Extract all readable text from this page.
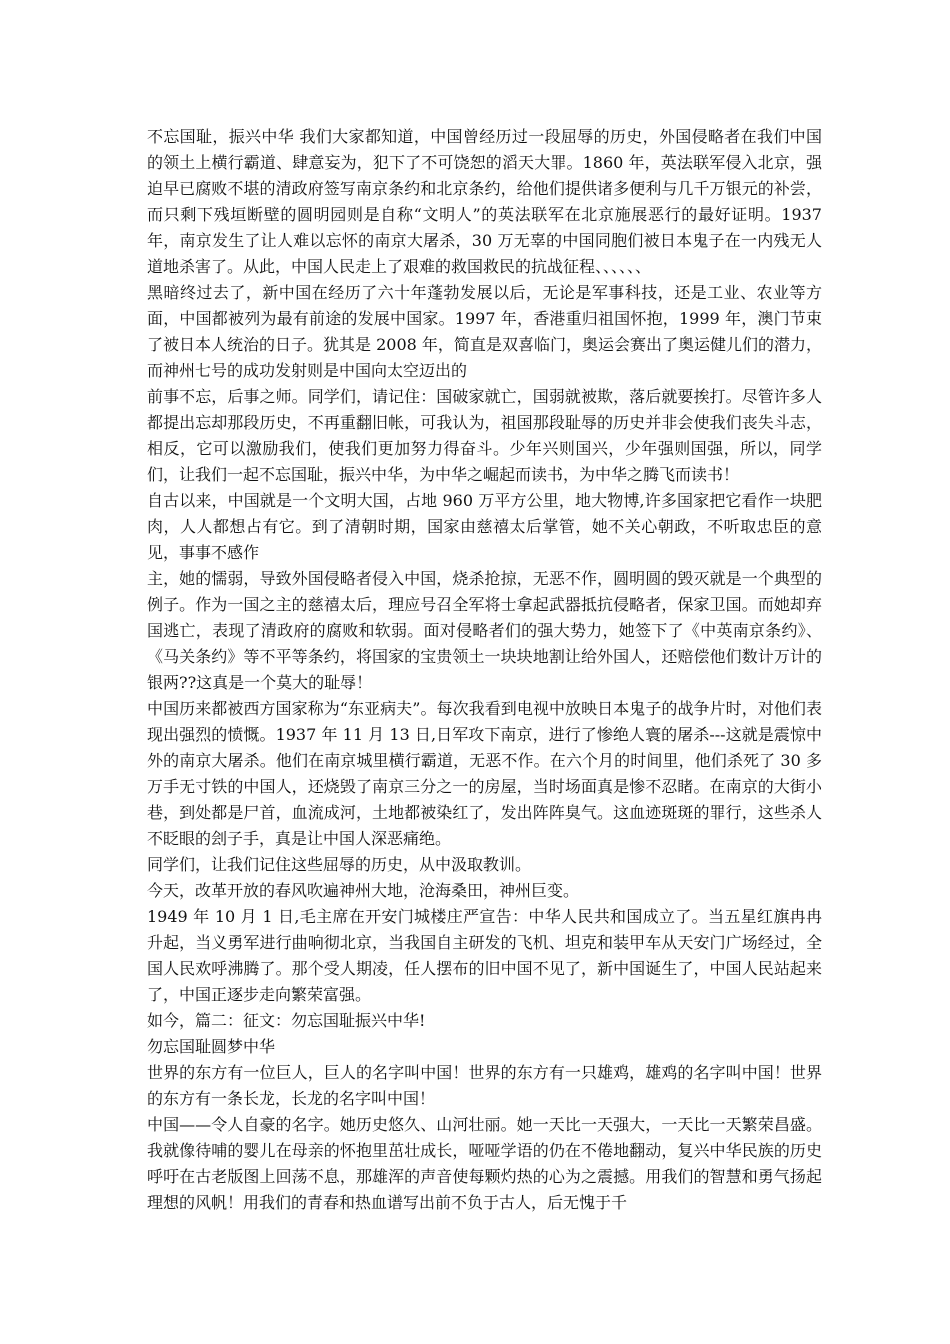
不忘国耻，振兴中华 我们大家都知道，中国曾经历过一段屈辱的历史，外国侵略者在我们中国的领土上横行霸道、肆意妄为，犯下了不可饶恕的滔天大罪。1860 年，英法联军侵入北京，强迫早已腐败不堪的清政府签写南京条约和北京条约，给他们提供诸多便利与几千万银元的补尝，而只剩下残垣断壁的圆明园则是自称“文明人”的英法联军在北京施展恶行的最好证明。1937 年，南京发生了让人难以忘怀的南京大屠杀，30 万无辜的中国同胞们被日本鬼子在一内残无人道地杀害了。从此，中国人民走上了艰难的救国救民的抗战征程、、、、、、

黑暗终过去了，新中国在经历了六十年蓬勃发展以后，无论是军事科技，还是工业、农业等方面，中国都被列为最有前途的发展中国家。1997 年，香港重归祖国怀抱，1999 年，澳门节束了被日本人统治的日子。犹其是 2008 年，简直是双喜临门，奥运会赛出了奥运健儿们的潜力，而神州七号的成功发射则是中国向太空迈出的

前事不忘，后事之师。同学们，请记住：国破家就亡，国弱就被欺，落后就要挨打。尽管许多人都提出忘却那段历史，不再重翻旧帐，可我认为，祖国那段耻辱的历史并非会使我们丧失斗志，相反，它可以激励我们，使我们更加努力得奋斗。少年兴则国兴，少年强则国强，所以，同学们，让我们一起不忘国耻，振兴中华，为中华之崛起而读书，为中华之腾飞而读书！

自古以来，中国就是一个文明大国，占地 960 万平方公里，地大物博,许多国家把它看作一块肥肉，人人都想占有它。到了清朝时期，国家由慈禧太后掌管，她不关心朝政，不听取忠臣的意见，事事不感作

主，她的懦弱，导致外国侵略者侵入中国，烧杀抢掠，无恶不作，圆明圆的毁灭就是一个典型的例子。作为一国之主的慈禧太后，理应号召全军将士拿起武器抵抗侵略者，保家卫国。而她却弃国逃亡，表现了清政府的腐败和软弱。面对侵略者们的强大势力，她签下了《中英南京条约》、《马关条约》等不平等条约，将国家的宝贵领土一块块地割让给外国人，还赔偿他们数计万计的银两??这真是一个莫大的耻辱！

中国历来都被西方国家称为“东亚病夫”。每次我看到电视中放映日本鬼子的战争片时，对他们表现出强烈的愤慨。1937 年 11 月 13 日,日军攻下南京，进行了惨绝人寰的屠杀---这就是震惊中外的南京大屠杀。他们在南京城里横行霸道，无恶不作。在六个月的时间里，他们杀死了 30 多万手无寸铁的中国人，还烧毁了南京三分之一的房屋，当时场面真是惨不忍睹。在南京的大街小巷，到处都是尸首，血流成河，土地都被染红了，发出阵阵臭气。这血迹斑斑的罪行，这些杀人不眨眼的刽子手，真是让中国人深恶痛绝。

同学们，让我们记住这些屈辱的历史，从中汲取教训。

今天，改革开放的春风吹遍神州大地，沧海桑田，神州巨变。

1949 年 10 月 1 日,毛主席在开安门城楼庄严宣告：中华人民共和国成立了。当五星红旗冉冉升起，当义勇军进行曲响彻北京，当我国自主研发的飞机、坦克和装甲车从天安门广场经过，全国人民欢呼沸腾了。那个受人期凌，任人摆布的旧中国不见了，新中国诞生了，中国人民站起来了，中国正逐步走向繁荣富强。

如今，篇二：征文：勿忘国耻振兴中华!

勿忘国耻圆梦中华

世界的东方有一位巨人，巨人的名字叫中国！世界的东方有一只雄鸡，雄鸡的名字叫中国！世界的东方有一条长龙，长龙的名字叫中国！

中国——令人自豪的名字。她历史悠久、山河壮丽。她一天比一天强大，一天比一天繁荣昌盛。我就像待哺的婴儿在母亲的怀抱里茁壮成长，哑哑学语的仍在不倦地翻动，复兴中华民族的历史呼吁在古老版图上回荡不息，那雄浑的声音使每颗灼热的心为之震撼。用我们的智慧和勇气扬起理想的风帆！用我们的青春和热血谱写出前不负于古人，后无愧于千
